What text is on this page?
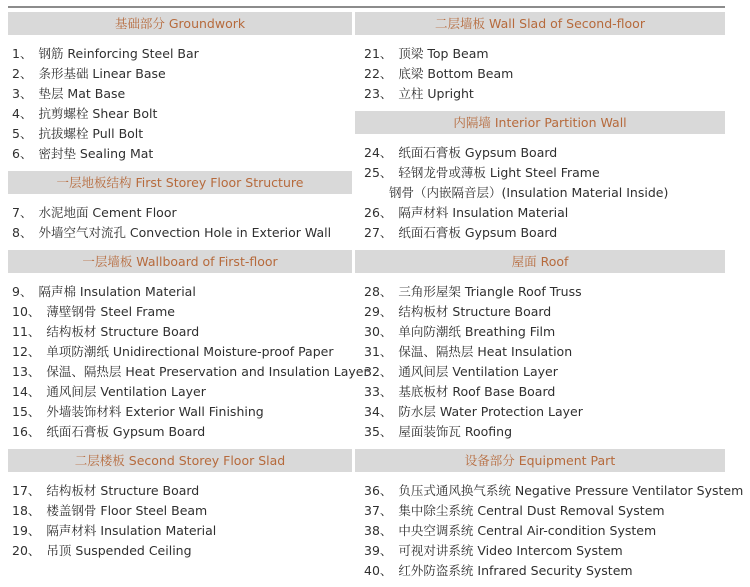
基础部分 Groundwork
1、 钢筋 Reinforcing Steel Bar
2、 条形基础 Linear Base
3、 垫层 Mat Base
4、 抗剪螺栓 Shear Bolt
5、 抗拔螺栓 Pull Bolt
6、 密封垫 Sealing Mat
一层地板结构 First Storey Floor Structure
7、 水泥地面 Cement Floor
8、 外墙空气对流孔 Convection Hole in Exterior Wall
一层墙板 Wallboard of First-floor
9、 隔声棉 Insulation Material
10、 薄壁钢骨 Steel Frame
11、 结构板材 Structure Board
12、 单项防潮纸 Unidirectional Moisture-proof Paper
13、 保温、隔热层 Heat Preservation and Insulation Layer
14、 通风间层 Ventilation Layer
15、 外墙装饰材料 Exterior Wall Finishing
16、 纸面石膏板 Gypsum Board
二层楼板 Second Storey Floor Slad
17、 结构板材 Structure Board
18、 楼盖钢骨 Floor Steel Beam
19、 隔声材料 Insulation Material
20、 吊顶 Suspended Ceiling
二层墙板 Wall Slad of Second-floor
21、 顶梁 Top Beam
22、 底梁 Bottom Beam
23、 立柱 Upright
内隔墙 Interior Partition Wall
24、 纸面石膏板 Gypsum Board
25、 轻钢龙骨或薄板 Light Steel Frame
钢骨（内嵌隔音层）(Insulation Material Inside)
26、 隔声材料 Insulation Material
27、 纸面石膏板 Gypsum Board
屋面 Roof
28、 三角形屋架 Triangle Roof Truss
29、 结构板材 Structure Board
30、 单向防潮纸 Breathing Film
31、 保温、隔热层 Heat Insulation
32、 通风间层 Ventilation Layer
33、 基底板材 Roof Base Board
34、 防水层 Water Protection Layer
35、 屋面装饰瓦 Roofing
设备部分 Equipment Part
36、 负压式通风换气系统 Negative Pressure Ventilator System
37、 集中除尘系统 Central Dust Removal System
38、 中央空调系统 Central Air-condition System
39、 可视对讲系统 Video Intercom System
40、 红外防盗系统 Infrared Security System
